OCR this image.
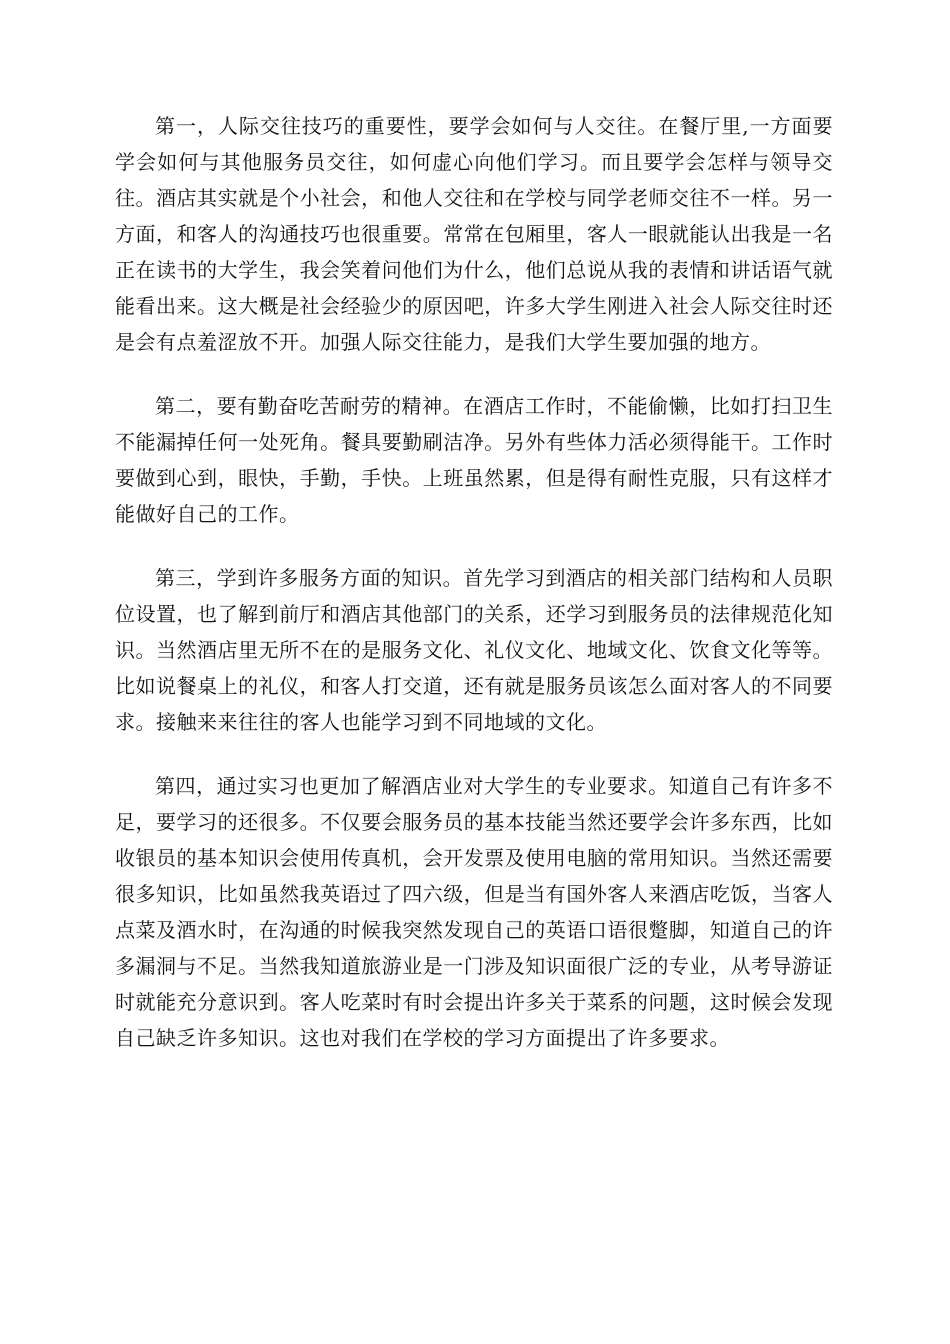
第一，人际交往技巧的重要性，要学会如何与人交往。在餐厅里,一方面要学会如何与其他服务员交往，如何虚心向他们学习。而且要学会怎样与领导交往。酒店其实就是个小社会，和他人交往和在学校与同学老师交往不一样。另一方面，和客人的沟通技巧也很重要。常常在包厢里，客人一眼就能认出我是一名正在读书的大学生，我会笑着问他们为什么，他们总说从我的表情和讲话语气就能看出来。这大概是社会经验少的原因吧，许多大学生刚进入社会人际交往时还是会有点羞涩放不开。加强人际交往能力，是我们大学生要加强的地方。

第二，要有勤奋吃苦耐劳的精神。在酒店工作时，不能偷懒，比如打扫卫生不能漏掉任何一处死角。餐具要勤刷洁净。另外有些体力活必须得能干。工作时要做到心到，眼快，手勤，手快。上班虽然累，但是得有耐性克服，只有这样才能做好自己的工作。

第三，学到许多服务方面的知识。首先学习到酒店的相关部门结构和人员职位设置，也了解到前厅和酒店其他部门的关系，还学习到服务员的法律规范化知识。当然酒店里无所不在的是服务文化、礼仪文化、地域文化、饮食文化等等。比如说餐桌上的礼仪，和客人打交道，还有就是服务员该怎么面对客人的不同要求。接触来来往往的客人也能学习到不同地域的文化。

第四，通过实习也更加了解酒店业对大学生的专业要求。知道自己有许多不足，要学习的还很多。不仅要会服务员的基本技能当然还要学会许多东西，比如收银员的基本知识会使用传真机，会开发票及使用电脑的常用知识。当然还需要很多知识，比如虽然我英语过了四六级，但是当有国外客人来酒店吃饭，当客人点菜及酒水时，在沟通的时候我突然发现自己的英语口语很蹩脚，知道自己的许多漏洞与不足。当然我知道旅游业是一门涉及知识面很广泛的专业，从考导游证时就能充分意识到。客人吃菜时有时会提出许多关于菜系的问题，这时候会发现自己缺乏许多知识。这也对我们在学校的学习方面提出了许多要求。
